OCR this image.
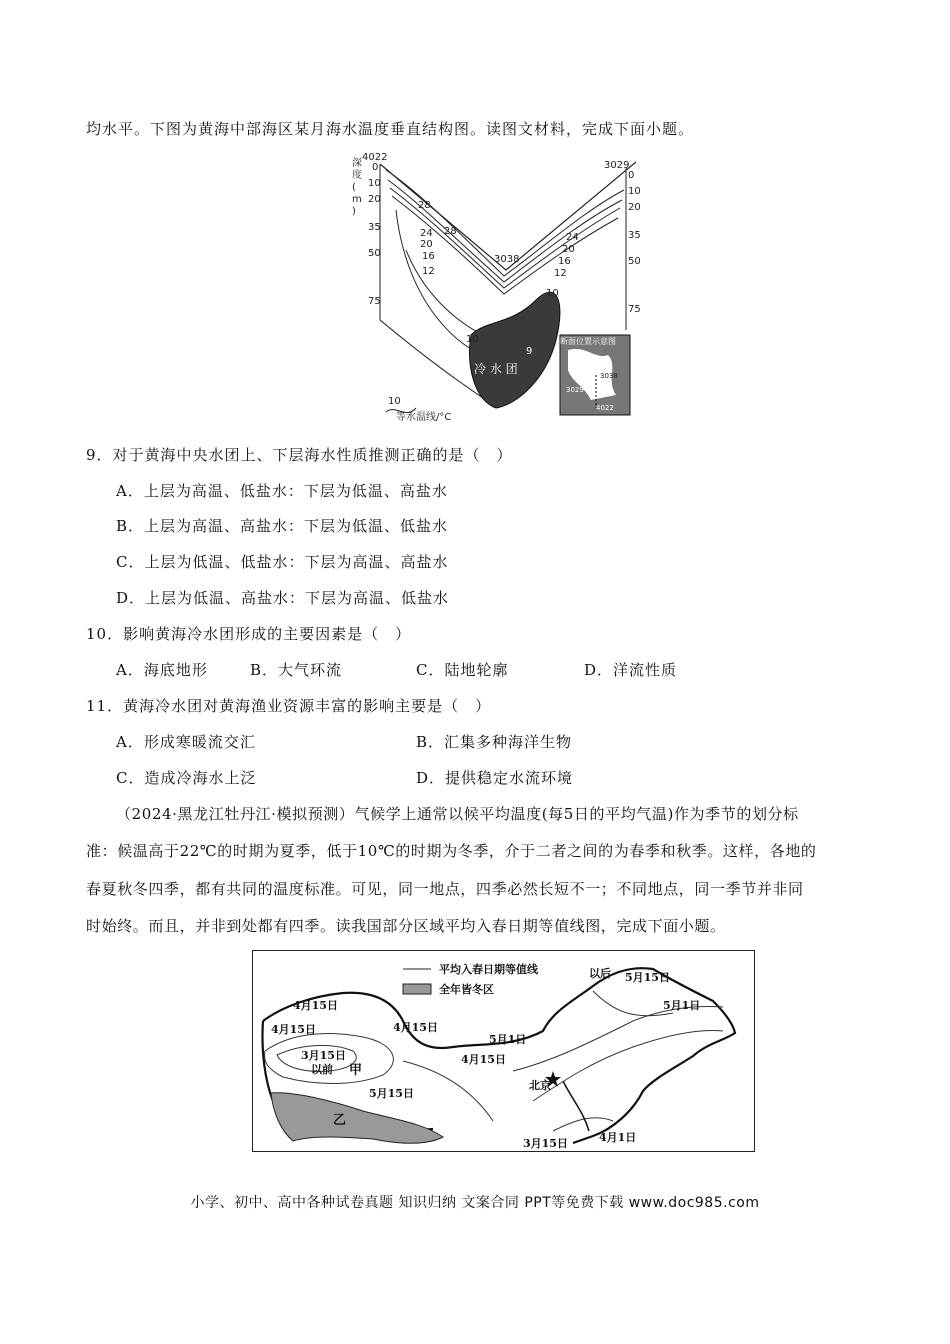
均水平。下图为黄海中部海区某月海水温度垂直结构图。读图文材料，完成下面小题。
深
度
(
m
)
4022
3029
3038
0
10
20
35
50
75
0
10
20
35
50
75
28
28
24
20
16
12
24
20
16
12
10
10
9
冷 水 团
10
等水温线/°C
断面位置示意图
3038
3029
4022
9．对于黄海中央水团上、下层海水性质推测正确的是（　）
A．上层为高温、低盐水：下层为低温、高盐水
B．上层为高温、高盐水：下层为低温、低盐水
C．上层为低温、低盐水：下层为高温、高盐水
D．上层为低温、高盐水：下层为高温、低盐水
10．影响黄海冷水团形成的主要因素是（　）
A．海底地形	B．大气环流	C．陆地轮廓	D．洋流性质
11．黄海冷水团对黄海渔业资源丰富的影响主要是（　）
A．形成寒暖流交汇	B．汇集多种海洋生物
C．造成冷海水上泛	D．提供稳定水流环境
（2024·黑龙江牡丹江·模拟预测）气候学上通常以候平均温度(每5日的平均气温)作为季节的划分标
准：候温高于22℃的时期为夏季，低于10℃的时期为冬季，介于二者之间的为春季和秋季。这样，各地的
春夏秋冬四季，都有共同的温度标准。可见，同一地点，四季必然长短不一；不同地点，同一季节并非同
时始终。而且，并非到处都有四季。读我国部分区域平均入春日期等值线图，完成下面小题。
平均入春日期等值线
全年皆冬区
以后 5月15日
5月1日
4月15日
4月15日	4月15日
3月15日
以前 甲
5月1日
4月15日
5月15日
北京
乙
3月15日	4月1日
小学、初中、高中各种试卷真题 知识归纳 文案合同 PPT等免费下载 www.doc985.com
